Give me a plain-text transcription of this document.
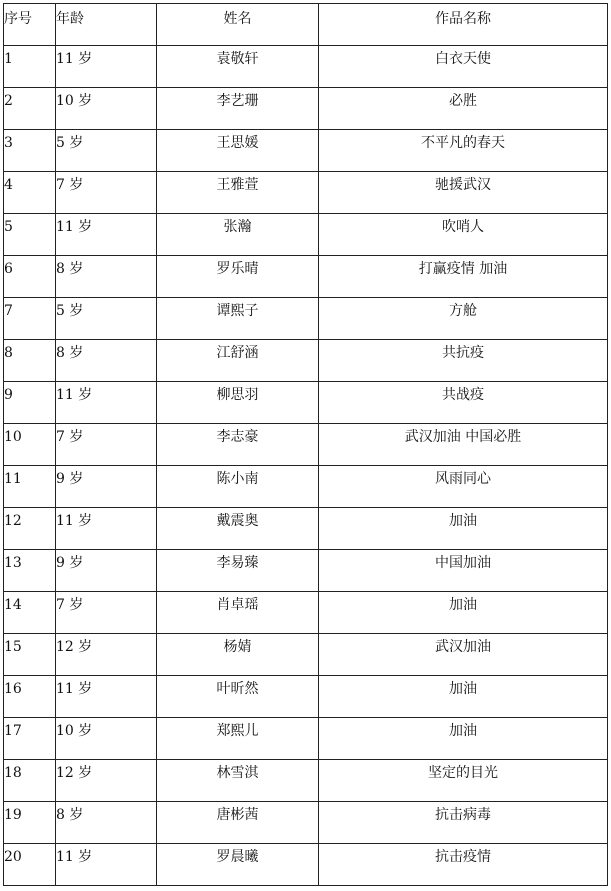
序号	年龄	姓名	作品名称
1	11 岁	袁敬轩	白衣天使
2	10 岁	李艺珊	必胜
3	5 岁	王思媛	不平凡的春天
4	7 岁	王雅萱	驰援武汉
5	11 岁	张瀚	吹哨人
6	8 岁	罗乐晴	打赢疫情 加油
7	5 岁	谭熙子	方舱
8	8 岁	江舒涵	共抗疫
9	11 岁	柳思羽	共战疫
10	7 岁	李志豪	武汉加油 中国必胜
11	9 岁	陈小南	风雨同心
12	11 岁	戴震奥	加油
13	9 岁	李易臻	中国加油
14	7 岁	肖卓瑶	加油
15	12 岁	杨婧	武汉加油
16	11 岁	叶昕然	加油
17	10 岁	郑熙儿	加油
18	12 岁	林雪淇	坚定的目光
19	8 岁	唐彬茜	抗击病毒
20	11 岁	罗晨曦	抗击疫情
